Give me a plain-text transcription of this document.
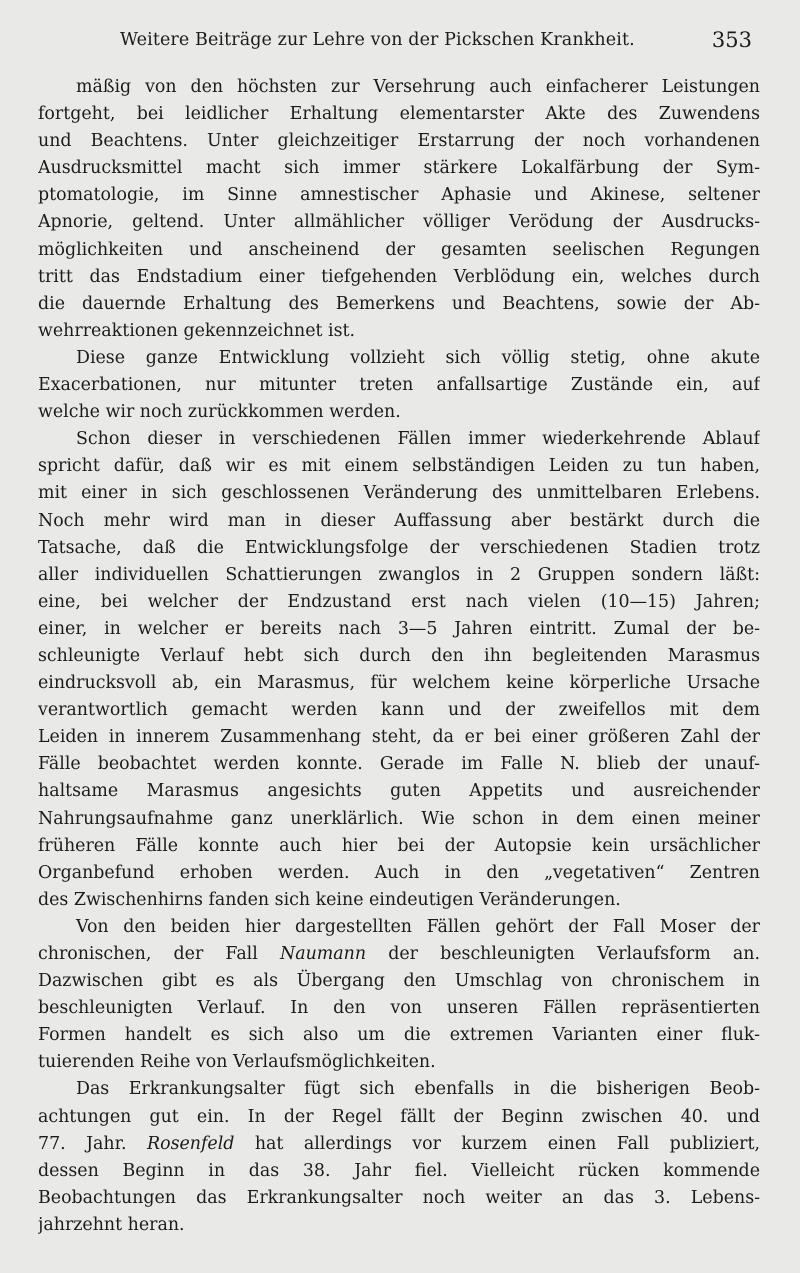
Weitere Beiträge zur Lehre von der Pickschen Krankheit.	353

mäßig von den höchsten zur Versehrung auch einfacherer Leistungen
fortgeht, bei leidlicher Erhaltung elementarster Akte des Zuwendens
und Beachtens. Unter gleichzeitiger Erstarrung der noch vorhandenen
Ausdrucksmittel macht sich immer stärkere Lokalfärbung der Sym-
ptomatologie, im Sinne amnestischer Aphasie und Akinese, seltener
Apnorie, geltend. Unter allmählicher völliger Verödung der Ausdrucks-
möglichkeiten und anscheinend der gesamten seelischen Regungen
tritt das Endstadium einer tiefgehenden Verblödung ein, welches durch
die dauernde Erhaltung des Bemerkens und Beachtens, sowie der Ab-
wehrreaktionen gekennzeichnet ist.

Diese ganze Entwicklung vollzieht sich völlig stetig, ohne akute
Exacerbationen, nur mitunter treten anfallsartige Zustände ein, auf
welche wir noch zurückkommen werden.

Schon dieser in verschiedenen Fällen immer wiederkehrende Ablauf
spricht dafür, daß wir es mit einem selbständigen Leiden zu tun haben,
mit einer in sich geschlossenen Veränderung des unmittelbaren Erlebens.
Noch mehr wird man in dieser Auffassung aber bestärkt durch die
Tatsache, daß die Entwicklungsfolge der verschiedenen Stadien trotz
aller individuellen Schattierungen zwanglos in 2 Gruppen sondern läßt:
eine, bei welcher der Endzustand erst nach vielen (10—15) Jahren;
einer, in welcher er bereits nach 3—5 Jahren eintritt. Zumal der be-
schleunigte Verlauf hebt sich durch den ihn begleitenden Marasmus
eindrucksvoll ab, ein Marasmus, für welchem keine körperliche Ursache
verantwortlich gemacht werden kann und der zweifellos mit dem
Leiden in innerem Zusammenhang steht, da er bei einer größeren Zahl der
Fälle beobachtet werden konnte. Gerade im Falle N. blieb der unauf-
haltsame Marasmus angesichts guten Appetits und ausreichender
Nahrungsaufnahme ganz unerklärlich. Wie schon in dem einen meiner
früheren Fälle konnte auch hier bei der Autopsie kein ursächlicher
Organbefund erhoben werden. Auch in den „vegetativen“ Zentren
des Zwischenhirns fanden sich keine eindeutigen Veränderungen.

Von den beiden hier dargestellten Fällen gehört der Fall Moser der
chronischen, der Fall Naumann der beschleunigten Verlaufsform an.
Dazwischen gibt es als Übergang den Umschlag von chronischem in
beschleunigten Verlauf. In den von unseren Fällen repräsentierten
Formen handelt es sich also um die extremen Varianten einer fluk-
tuierenden Reihe von Verlaufsmöglichkeiten.

Das Erkrankungsalter fügt sich ebenfalls in die bisherigen Beob-
achtungen gut ein. In der Regel fällt der Beginn zwischen 40. und
77. Jahr. Rosenfeld hat allerdings vor kurzem einen Fall publiziert,
dessen Beginn in das 38. Jahr fiel. Vielleicht rücken kommende
Beobachtungen das Erkrankungsalter noch weiter an das 3. Lebens-
jahrzehnt heran.
